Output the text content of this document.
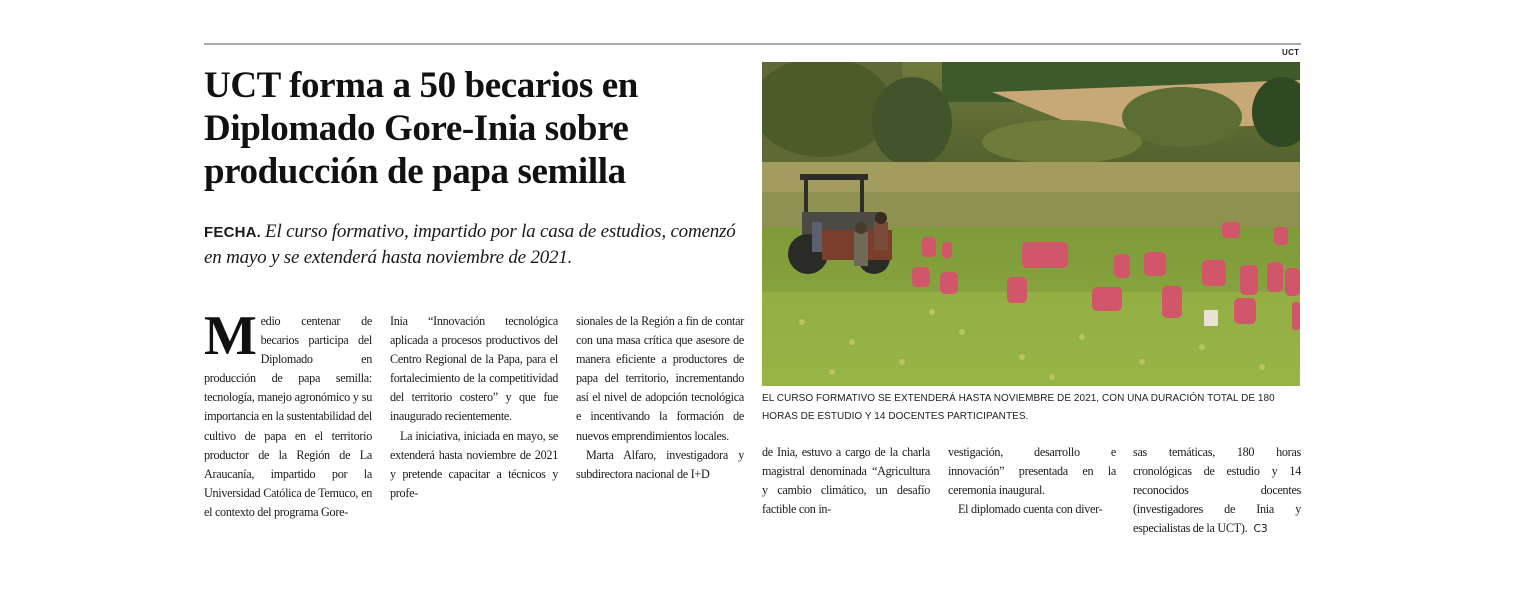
UCT
UCT forma a 50 becarios en Diplomado Gore-Inia sobre producción de papa semilla

FECHA. El curso formativo, impartido por la casa de estudios, comenzó en mayo y se extenderá hasta noviembre de 2021.

Medio centenar de becarios participa del Diplomado en producción de papa semilla: tecnología, manejo agronómico y su importancia en la sustentabilidad del cultivo de papa en el territorio productor de la Región de La Araucanía, impartido por la Universidad Católica de Temuco, en el contexto del programa Gore-

Inia “Innovación tecnológica aplicada a procesos productivos del Centro Regional de la Papa, para el fortalecimiento de la competitividad del territorio costero” y que fue inaugurado recientemente.

La iniciativa, iniciada en mayo, se extenderá hasta noviembre de 2021 y pretende capacitar a técnicos y profe-

sionales de la Región a fin de contar con una masa crítica que asesore de manera eficiente a productores de papa del territorio, incrementando así el nivel de adopción tecnológica e incentivando la formación de nuevos emprendimientos locales.

Marta Alfaro, investigadora y subdirectora nacional de I+D

EL CURSO FORMATIVO SE EXTENDERÁ HASTA NOVIEMBRE DE 2021, CON UNA DURACIÓN TOTAL DE 180 HORAS DE ESTUDIO Y 14 DOCENTES PARTICIPANTES.

de Inia, estuvo a cargo de la charla magistral denominada “Agricultura y cambio climático, un desafío factible con in-

vestigación, desarrollo e innovación” presentada en la ceremonia inaugural.

El diplomado cuenta con diver-

sas temáticas, 180 horas cronológicas de estudio y 14 reconocidos docentes (investigadores de Inia y especialistas de la UCT). C3
